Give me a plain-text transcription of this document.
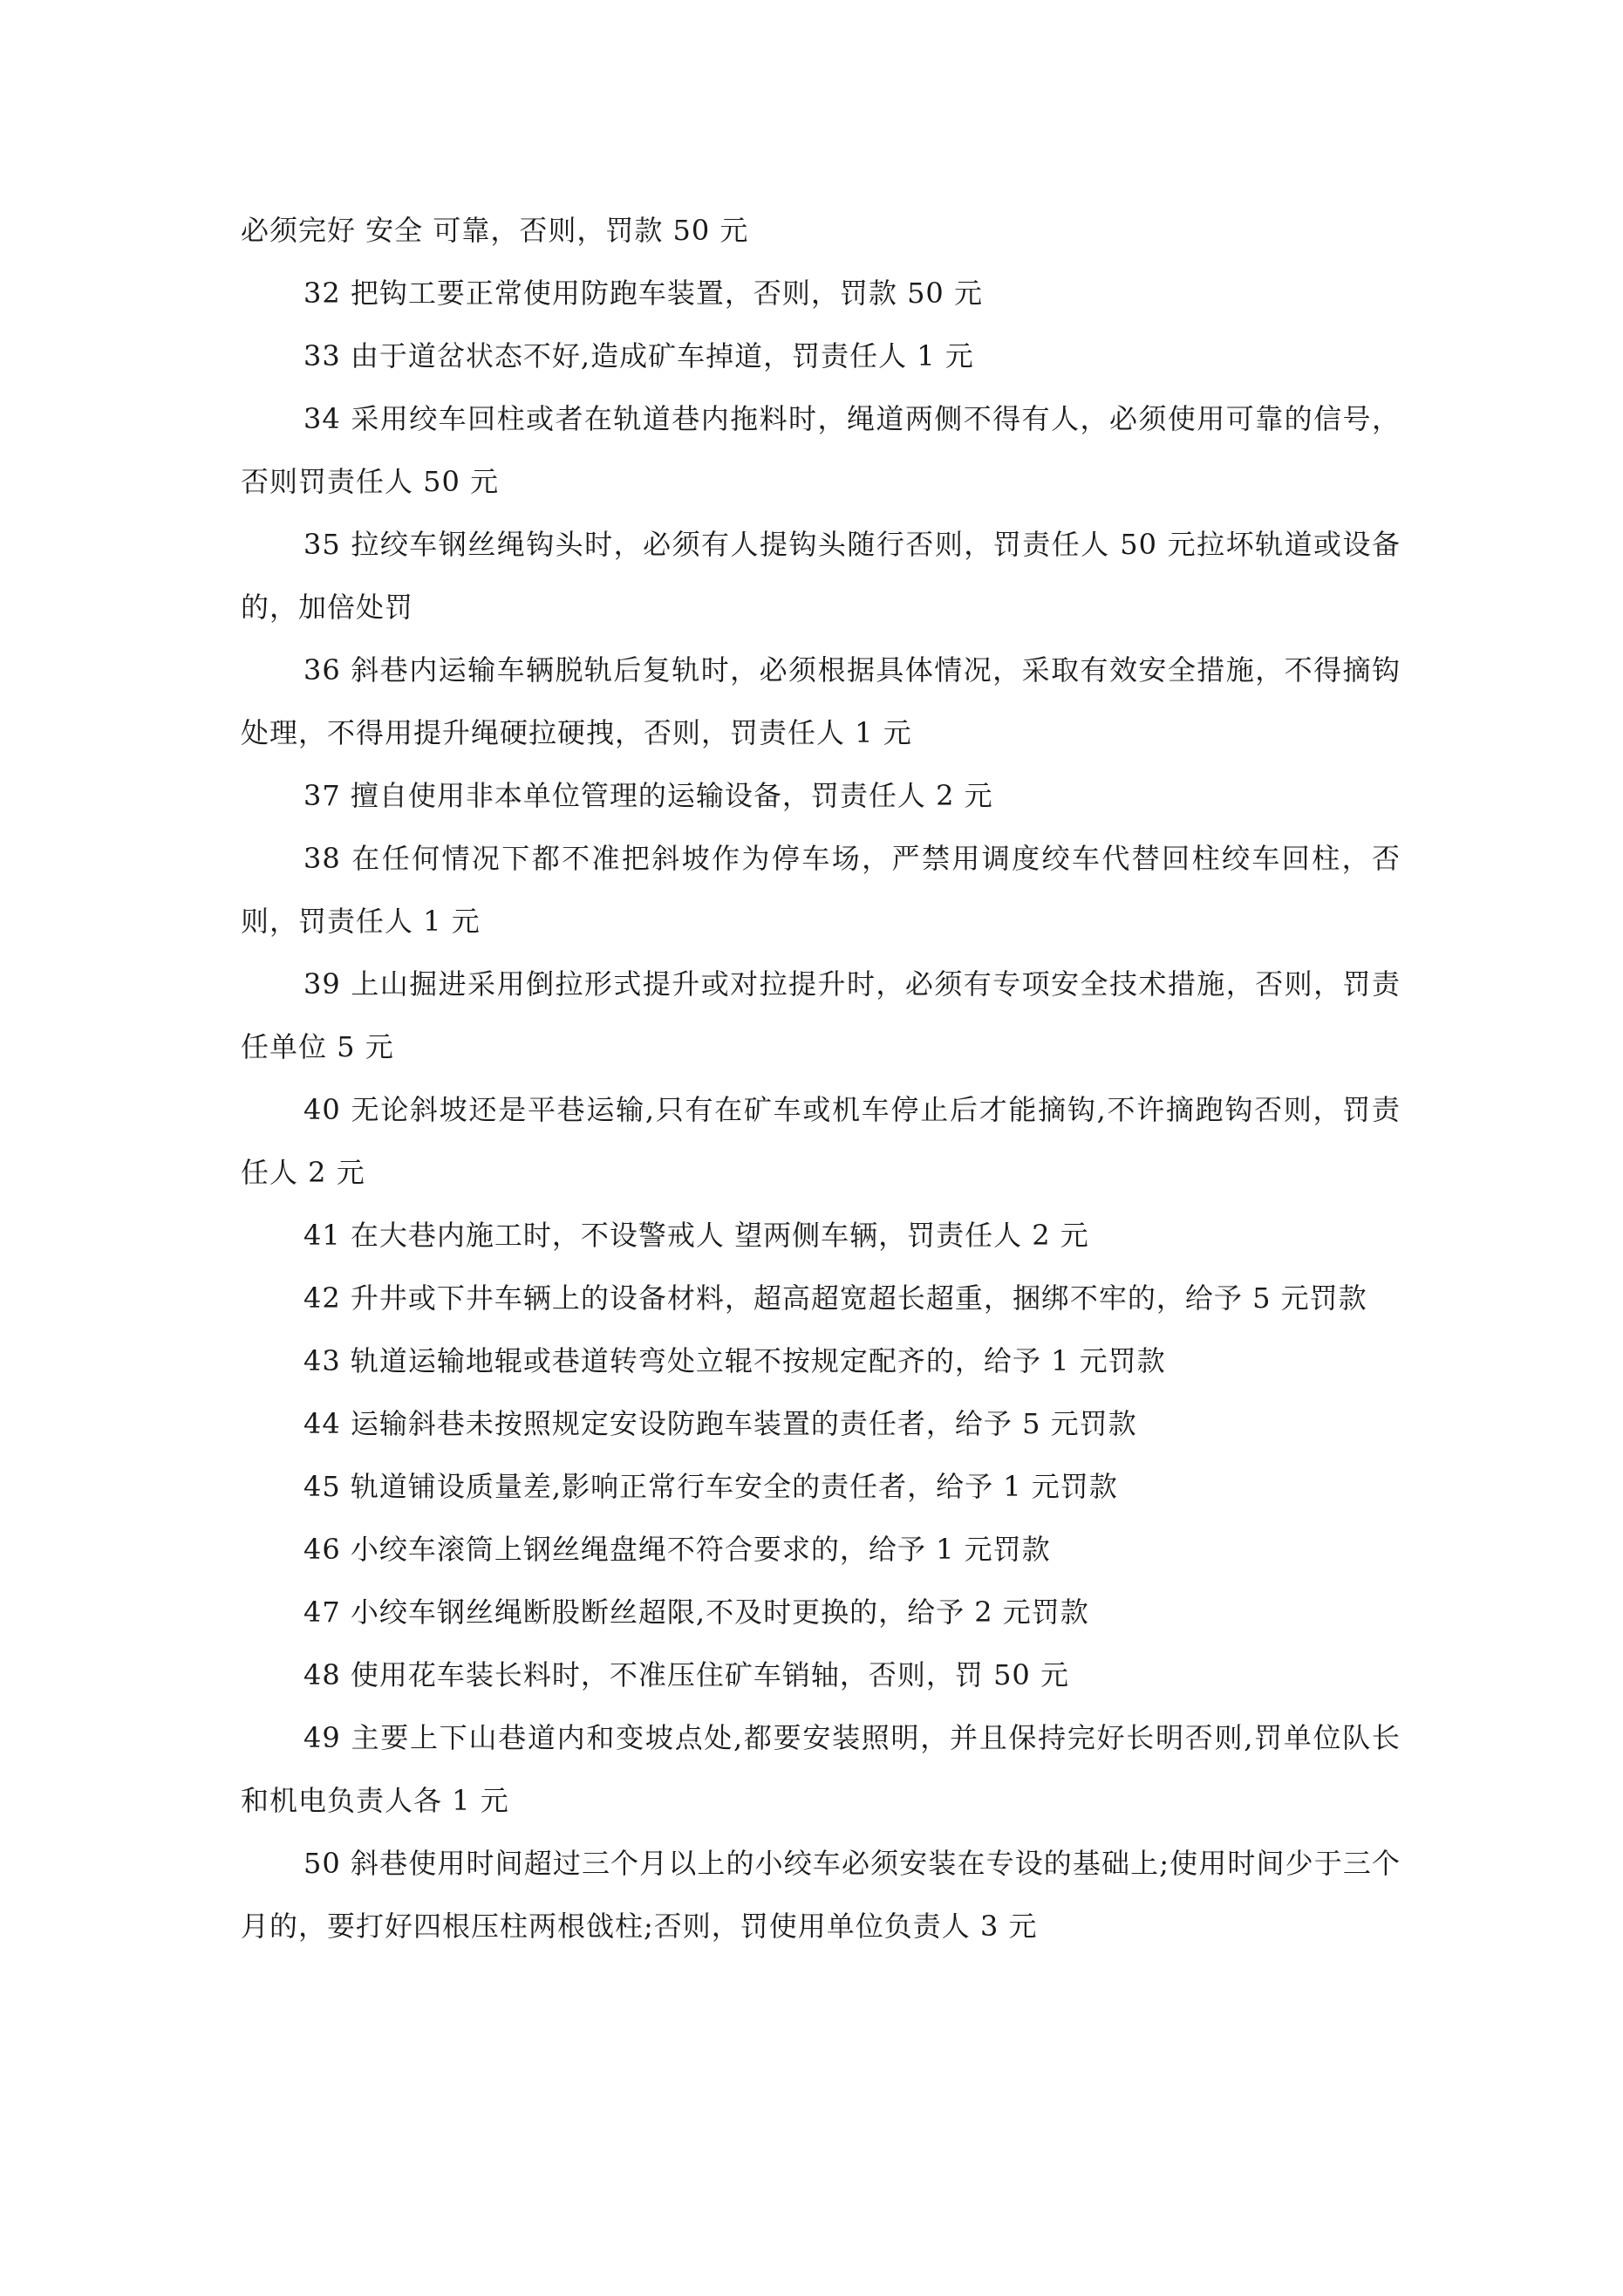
必须完好 安全 可靠，否则，罚款 50 元

32 把钩工要正常使用防跑车装置，否则，罚款 50 元

33 由于道岔状态不好,造成矿车掉道，罚责任人 1 元

34 采用绞车回柱或者在轨道巷内拖料时，绳道两侧不得有人，必须使用可靠的信号，否则罚责任人 50 元

35 拉绞车钢丝绳钩头时，必须有人提钩头随行否则，罚责任人 50 元拉坏轨道或设备的，加倍处罚

36 斜巷内运输车辆脱轨后复轨时，必须根据具体情况，采取有效安全措施，不得摘钩处理，不得用提升绳硬拉硬拽，否则，罚责任人 1 元

37 擅自使用非本单位管理的运输设备，罚责任人 2 元

38 在任何情况下都不准把斜坡作为停车场，严禁用调度绞车代替回柱绞车回柱，否则，罚责任人 1 元

39 上山掘进采用倒拉形式提升或对拉提升时，必须有专项安全技术措施，否则，罚责任单位 5 元

40 无论斜坡还是平巷运输,只有在矿车或机车停止后才能摘钩,不许摘跑钩否则，罚责任人 2 元

41 在大巷内施工时，不设警戒人 望两侧车辆，罚责任人 2 元

42 升井或下井车辆上的设备材料，超高超宽超长超重，捆绑不牢的，给予 5 元罚款

43 轨道运输地辊或巷道转弯处立辊不按规定配齐的，给予 1 元罚款

44 运输斜巷未按照规定安设防跑车装置的责任者，给予 5 元罚款

45 轨道铺设质量差,影响正常行车安全的责任者，给予 1 元罚款

46 小绞车滚筒上钢丝绳盘绳不符合要求的，给予 1 元罚款

47 小绞车钢丝绳断股断丝超限,不及时更换的，给予 2 元罚款

48 使用花车装长料时，不准压住矿车销轴，否则，罚 50 元

49 主要上下山巷道内和变坡点处,都要安装照明，并且保持完好长明否则,罚单位队长和机电负责人各 1 元

50 斜巷使用时间超过三个月以上的小绞车必须安装在专设的基础上;使用时间少于三个月的，要打好四根压柱两根戗柱;否则，罚使用单位负责人 3 元
